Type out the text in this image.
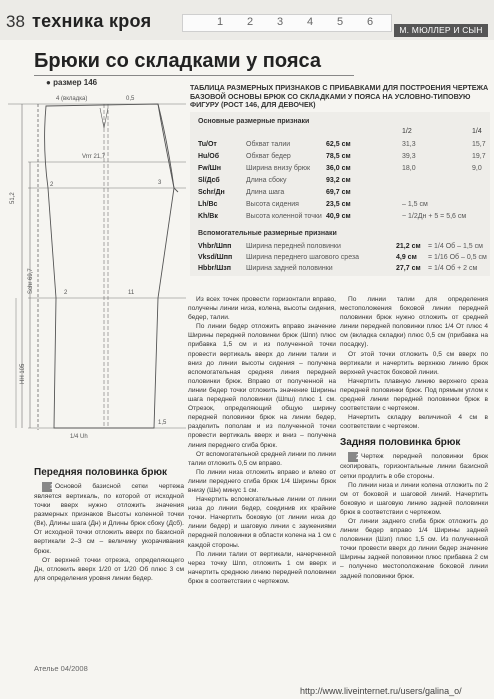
38 техника кроя	1 2 3 4 5 6
М. МЮЛЛЕР И СЫН
Брюки со складками у пояса
● размер 146
4 (вкладка)	0,5
Vrrr 21,7
51,2
2	3
Schr 69,7
HH 105
11
2
1,5
1/4 Uh
ТАБЛИЦА РАЗМЕРНЫХ ПРИЗНАКОВ С ПРИБАВКАМИ ДЛЯ ПОСТРОЕНИЯ ЧЕРТЕЖА БАЗОВОЙ ОСНОВЫ БРЮК СО СКЛАДКАМИ У ПОЯСА НА УСЛОВНО-ТИПОВУЮ ФИГУРУ (РОСТ 146, ДЛЯ ДЕВОЧЕК)
Основные размерные признаки
1/2	1/4
Tu/От	Обхват талии	62,5 см	31,3	15,7
Hu/Об	Обхват бедер	78,5 см	39,3	19,7
Fw/Шн	Ширина внизу брюк 36,0 см	18,0	9,0
Sl/Дсб	Длина сбоку	93,2 см
Schr/Дн	Длина шага	69,7 см
Lh/Вс	Высота сидения	23,5 см	– 1,5 см
Kh/Вк	Высота коленной точки 40,9 см	~ 1/2Дн + 5 = 5,6 см
Вспомогательные размерные признаки
Vhbr/Шпп Ширина передней половинки	21,2 см = 1/4 Об – 1,5 см
Vksd/Шпп Ширина переднего шагового среза	4,9 см = 1/16 Об – 0,5 см
Hbbr/Шзп Ширина задней половинки	27,7 см = 1/4 Об + 2 см
Передняя половинка брюк

1Основой базисной сетки чертежа является вертикаль, по которой от исходной точки вверх нужно отложить значения размерных признаков Высоты коленной точки (Вк), Длины шага (Дн) и Длины брюк сбоку (Дсб). От исходной точки отложить вверх по базисной вертикали 2–3 см – величину укорачивания брюк.

От верхней точки отрезка, определяющего Дн, отложить вверх 1/20 от 1/20 Об плюс 3 см для определения уровня линии бедер.

Из всех точек провести горизонтали вправо, получены линии низа, колена, высоты сидения, бедер, талии.

По линии бедер отложить вправо значение Ширины передней половинки брюк (Шпп) плюс прибавка 1,5 см и из полученной точки провести вертикаль вверх до линии талии и вниз до линии высоты сидения – получена вспомогательная средняя линия передней половинки брюк. Вправо от полученной на линии бедер точки отложить значение Ширины шага передней половинки (Шпш) плюс 1 см. Отрезок, определяющий общую ширину передней половинки брюк на линии бедер, разделить пополам и из полученной точки провести вертикаль вверх и вниз – получена линия переднего сгиба брюк.

От вспомогательной средней линии по линии талии отложить 0,5 см вправо.

По линии низа отложить вправо и влево от линии переднего сгиба брюк 1/4 Ширины брюк внизу (Шн) минус 1 см.

Начертить вспомогательные линии от линии низа до линии бедер, соединив их крайние точки. Начертить боковую (от линии низа до линии бедер) и шаговую линии с заужениями передней половинки в области колена на 1 см с каждой стороны.

По линии талии от вертикали, начерченной через точку Шпп, отложить 1 см вверх и начертить среднюю линию передней половинки брюк в соответствии с чертежом.

По линии талии для определения местоположения боковой линии передней половинки брюк нужно отложить от средней линии передней половинки плюс 1/4 От плюс 4 см (вкладка складки) плюс 0,5 см (прибавка на посадку).

От этой точки отложить 0,5 см вверх по вертикали и начертить верхнюю линию брюк верхней участок боковой линии.

Начертить плавную линию верхнего среза передней половинки брюк. Под прямым углом к средней линии передней половинки брюк в соответствии с чертежом.

Начертить складку величиной 4 см в соответствии с чертежом.

Задняя половинка брюк

2Чертеж передней половинки брюк скопировать, горизонтальные линии базисной сетки продлить в обе стороны.

По линии низа и линии колена отложить по 2 см от боковой и шаговой линий. Начертить боковую и шаговую линию задней половинки брюк в соответствии с чертежом.

От линии заднего сгиба брюк отложить до линии бедер вправо 1/4 Ширины задней половинки (Шзп) плюс 1,5 см. Из полученной точки провести вверх до линии бедер значение Ширины задней половинки плюс прибавка 2 см – получено местоположение боковой линии задней половинки брюк.

Ателье 04/2008
http://www.liveinternet.ru/users/galina_o/
